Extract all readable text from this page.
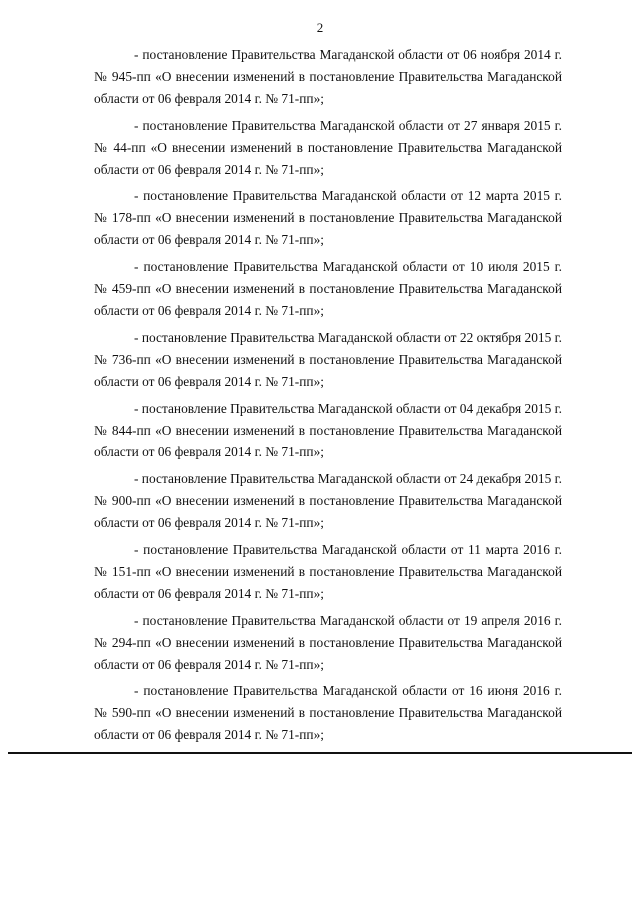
2

- постановление Правительства Магаданской области от 06 ноября 2014 г. № 945-пп «О внесении изменений в постановление Правительства Магаданской области от 06 февраля 2014 г. № 71-пп»;

- постановление Правительства Магаданской области от 27 января 2015 г. № 44-пп «О внесении изменений в постановление Правительства Магаданской области от 06 февраля 2014 г. № 71-пп»;

- постановление Правительства Магаданской области от 12 марта 2015 г. № 178-пп «О внесении изменений в постановление Правительства Магаданской области от 06 февраля 2014 г. № 71-пп»;

- постановление Правительства Магаданской области от 10 июля 2015 г. № 459-пп «О внесении изменений в постановление Правительства Магаданской области от 06 февраля 2014 г. № 71-пп»;

- постановление Правительства Магаданской области от 22 октября 2015 г. № 736-пп «О внесении изменений в постановление Правительства Магаданской области от 06 февраля 2014 г. № 71-пп»;

- постановление Правительства Магаданской области от 04 декабря 2015 г. № 844-пп «О внесении изменений в постановление Правительства Магаданской области от 06 февраля 2014 г. № 71-пп»;

- постановление Правительства Магаданской области от 24 декабря 2015 г. № 900-пп «О внесении изменений в постановление Правительства Магаданской области от 06 февраля 2014 г. № 71-пп»;

- постановление Правительства Магаданской области от 11 марта 2016 г. № 151-пп «О внесении изменений в постановление Правительства Магаданской области от 06 февраля 2014 г. № 71-пп»;

- постановление Правительства Магаданской области от 19 апреля 2016 г. № 294-пп «О внесении изменений в постановление Правительства Магаданской области от 06 февраля 2014 г. № 71-пп»;

- постановление Правительства Магаданской области от 16 июня 2016 г. № 590-пп «О внесении изменений в постановление Правительства Магаданской области от 06 февраля 2014 г. № 71-пп»;
